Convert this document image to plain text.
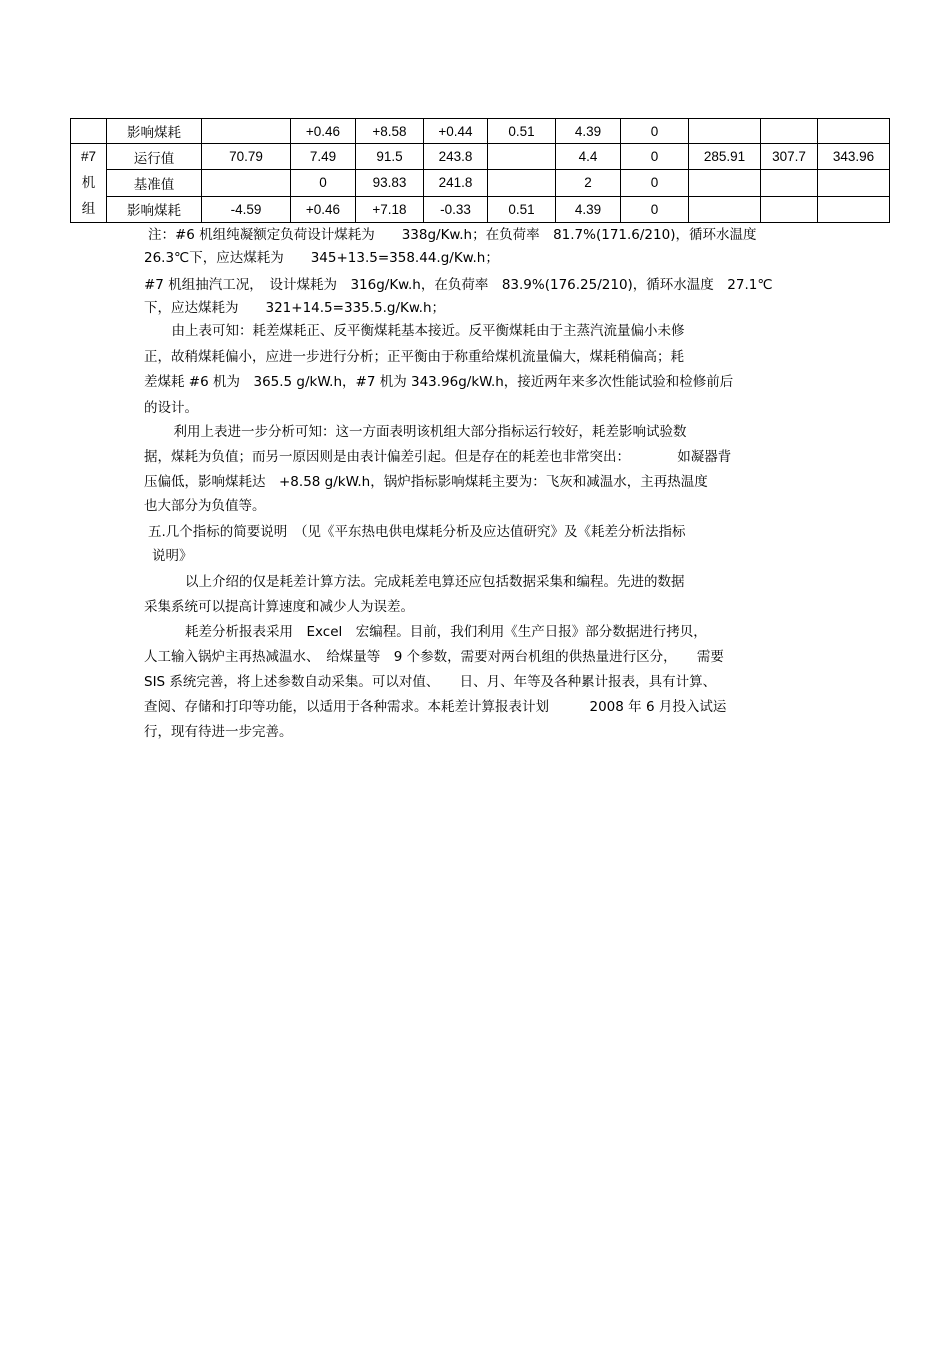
	影响煤耗		+0.46	+8.58	+0.44	0.51	4.39	0			

#7
机
组	运行值	70.79	7.49	91.5	243.8		4.4	0	285.91	307.7	343.96
	基准值		0	93.83	241.8		2	0			
	影响煤耗	-4.59	+0.46	+7.18	-0.33	0.51	4.39	0			
注：#6 机组纯凝额定负荷设计煤耗为　　338g/Kw.h；在负荷率　81.7%(171.6/210)，循环水温度
26.3℃下，应达煤耗为　　345+13.5=358.44.g/Kw.h；
#7 机组抽汽工况，　设计煤耗为　316g/Kw.h，在负荷率　83.9%(176.25/210)，循环水温度　27.1℃
下，应达煤耗为　　321+14.5=335.5.g/Kw.h；
　由上表可知：耗差煤耗正、反平衡煤耗基本接近。反平衡煤耗由于主蒸汽流量偏小未修
正，故稍煤耗偏小，应进一步进行分析；正平衡由于称重给煤机流量偏大，煤耗稍偏高；耗
差煤耗 #6 机为　365.5 g/kW.h，#7 机为 343.96g/kW.h，接近两年来多次性能试验和检修前后
的设计。
　利用上表进一步分析可知：这一方面表明该机组大部分指标运行较好，耗差影响试验数
据，煤耗为负值；而另一原因则是由表计偏差引起。但是存在的耗差也非常突出：　　　　如凝器背
压偏低，影响煤耗达　+8.58 g/kW.h，锅炉指标影响煤耗主要为：飞灰和减温水，主再热温度
也大部分为负值等。
五.几个指标的简要说明　（见《平东热电供电煤耗分析及应达值研究》及《耗差分析法指标
说明》
　　以上介绍的仅是耗差计算方法。完成耗差电算还应包括数据采集和编程。先进的数据
采集系统可以提高计算速度和减少人为误差。
　　耗差分析报表采用　Excel　宏编程。目前，我们利用《生产日报》部分数据进行拷贝，
人工输入锅炉主再热减温水、　给煤量等　9 个参数，需要对两台机组的供热量进行区分，　　需要
SIS 系统完善，将上述参数自动采集。可以对值、　　日、月、年等及各种累计报表，具有计算、
查阅、存储和打印等功能，以适用于各种需求。本耗差计算报表计划　　　2008 年 6 月投入试运
行，现有待进一步完善。
